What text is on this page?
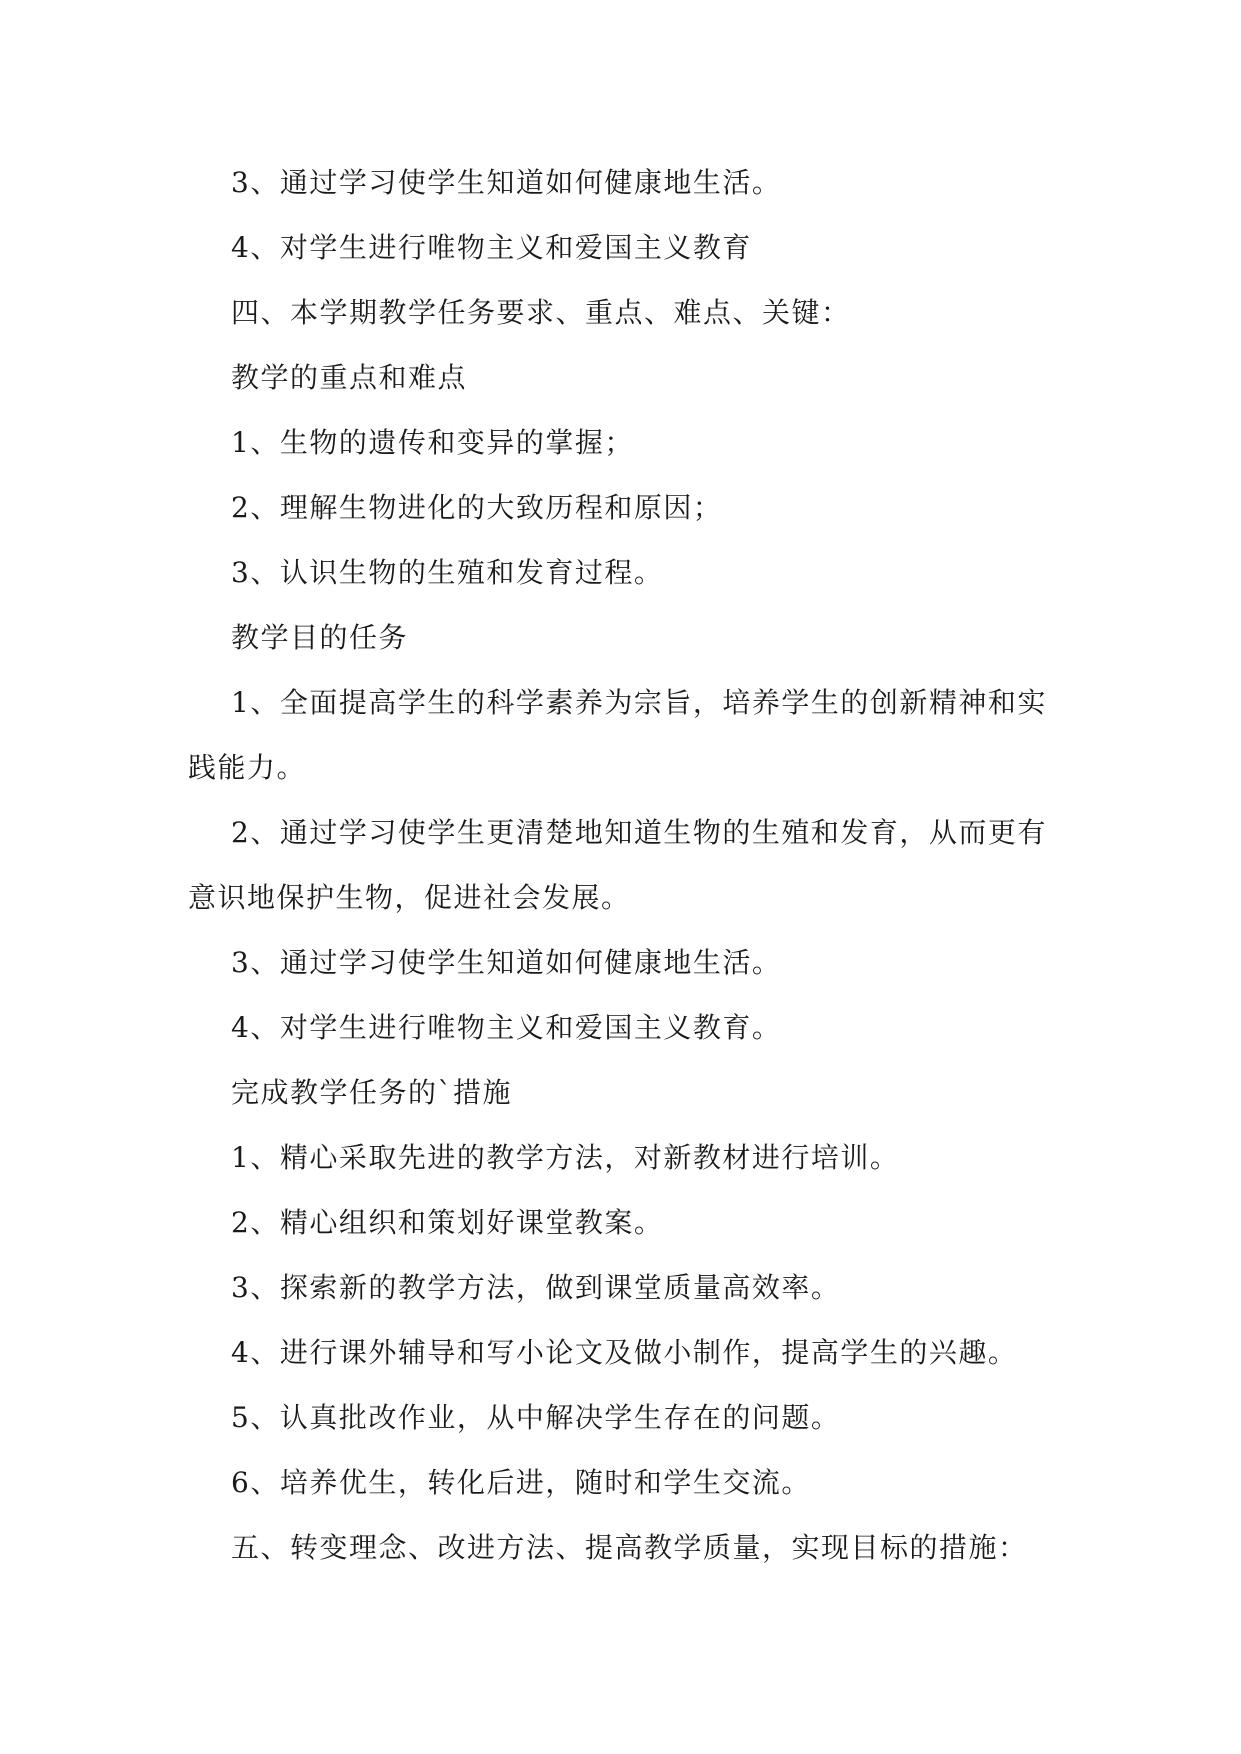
3、通过学习使学生知道如何健康地生活。

4、对学生进行唯物主义和爱国主义教育

四、本学期教学任务要求、重点、难点、关键：

教学的重点和难点

1、生物的遗传和变异的掌握；

2、理解生物进化的大致历程和原因；

3、认识生物的生殖和发育过程。

教学目的任务

1、全面提高学生的科学素养为宗旨，培养学生的创新精神和实践能力。

2、通过学习使学生更清楚地知道生物的生殖和发育，从而更有意识地保护生物，促进社会发展。

3、通过学习使学生知道如何健康地生活。

4、对学生进行唯物主义和爱国主义教育。

完成教学任务的`措施

1、精心采取先进的教学方法，对新教材进行培训。

2、精心组织和策划好课堂教案。

3、探索新的教学方法，做到课堂质量高效率。

4、进行课外辅导和写小论文及做小制作，提高学生的兴趣。

5、认真批改作业，从中解决学生存在的问题。

6、培养优生，转化后进，随时和学生交流。

五、转变理念、改进方法、提高教学质量，实现目标的措施：
